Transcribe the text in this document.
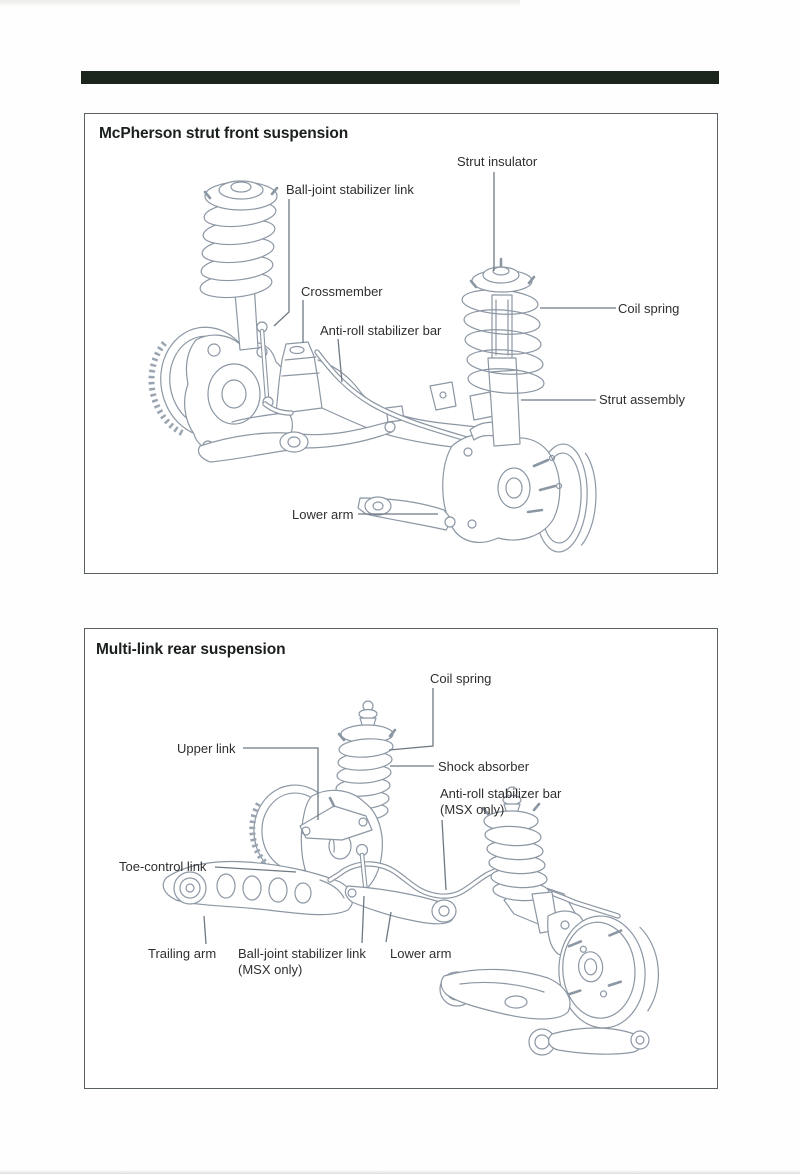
McPherson strut front suspension
Multi-link rear suspension
Strut insulator
Ball-joint stabilizer link
Crossmember
Anti-roll stabilizer bar
Coil spring
Strut assembly
Lower arm
Coil spring
Upper link
Shock absorber
Anti-roll stabilizer bar
(MSX only)
Toe-control link
Trailing arm Ball-joint stabilizer link
(MSX only)
Lower arm
